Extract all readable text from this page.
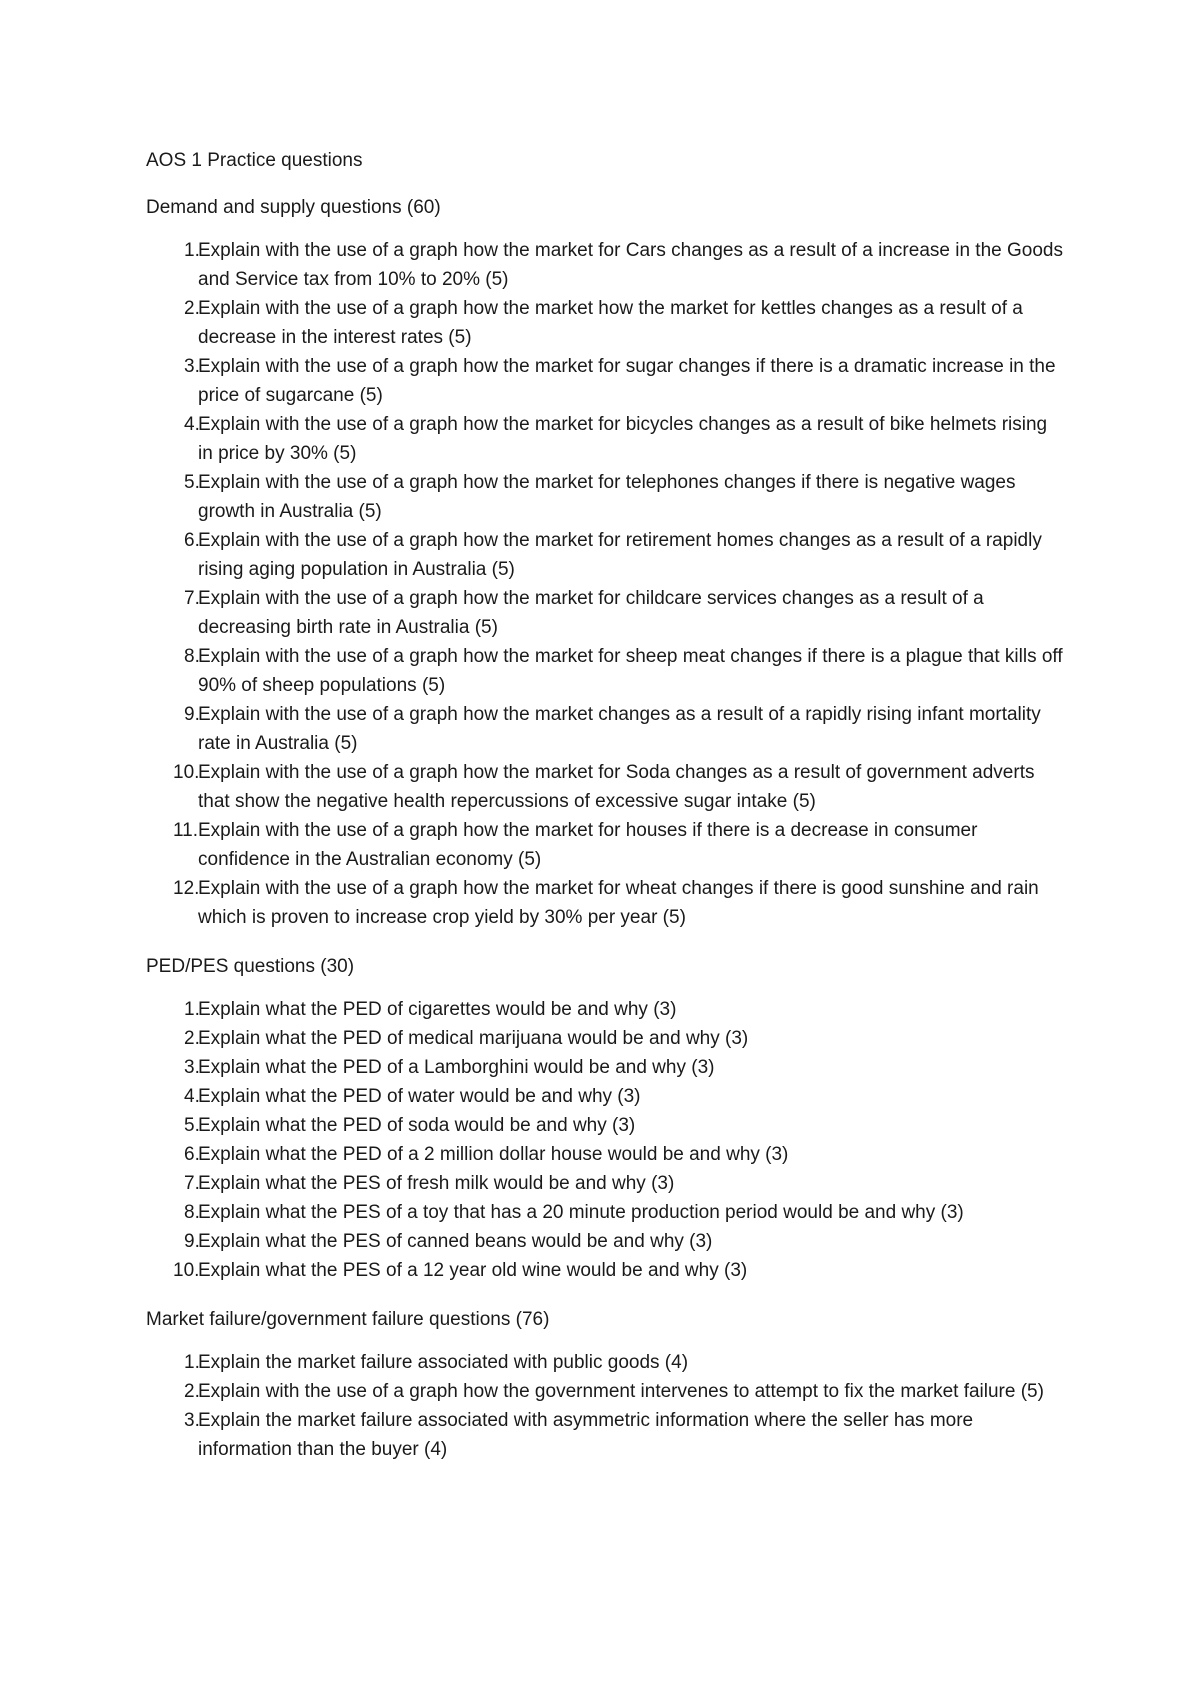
AOS 1 Practice questions
Demand and supply questions (60)
1.
Explain with the use of a graph how the market for Cars changes as a result of a increase in the Goods and Service tax from 10% to 20% (5)
2.
Explain with the use of a graph how the market how the market for kettles changes as a result of a decrease in the interest rates (5)
3.
Explain with the use of a graph how the market for sugar changes if there is a dramatic increase in the price of sugarcane (5)
4.
Explain with the use of a graph how the market for bicycles changes as a result of bike helmets rising in price by 30% (5)
5.
Explain with the use of a graph how the market for telephones changes if there is negative wages growth in Australia (5)
6.
Explain with the use of a graph how the market for retirement homes changes as a result of a rapidly rising aging population in Australia (5)
7.
Explain with the use of a graph how the market for childcare services changes as a result of a decreasing birth rate in Australia (5)
8.
Explain with the use of a graph how the market for sheep meat changes if there is a plague that kills off 90% of sheep populations (5)
9.
Explain with the use of a graph how the market changes as a result of a rapidly rising infant mortality rate in Australia (5)
10.
Explain with the use of a graph how the market for Soda changes as a result of government adverts that show the negative health repercussions of excessive sugar intake (5)
11. Explain with the use of a graph how the market for houses if there is a decrease in consumer confidence in the Australian economy (5)
12.
Explain with the use of a graph how the market for wheat changes if there is good sunshine and rain which is proven to increase crop yield by 30% per year (5)
PED/PES questions (30)
1.
Explain what the PED of cigarettes would be and why (3)
2.
Explain what the PED of medical marijuana would be and why (3)
3.
Explain what the PED of a Lamborghini would be and why (3)
4.
Explain what the PED of water would be and why (3)
5.
Explain what the PED of soda would be and why (3)
6.
Explain what the PED of a 2 million dollar house would be and why (3)
7.
Explain what the PES of fresh milk would be and why (3)
8.
Explain what the PES of a toy that has a 20 minute production period would be and why (3)
9.
Explain what the PES of canned beans would be and why (3)
10.
Explain what the PES of a 12 year old wine would be and why (3)
Market failure/government failure questions (76)
1.
Explain the market failure associated with public goods (4)
2.
Explain with the use of a graph how the government intervenes to attempt to fix the market failure (5)
3.
Explain the market failure associated with asymmetric information where the seller has more information than the buyer (4)
